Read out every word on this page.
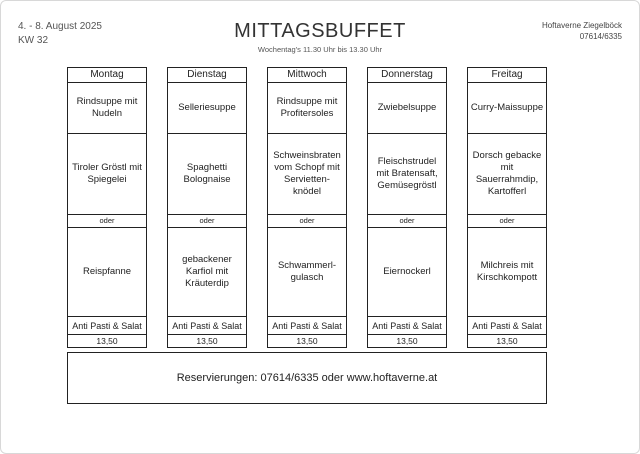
4. - 8. August 2025
KW 32	MITTAGSBUFFET
Wochentag's 11.30 Uhr bis 13.30 Uhr
Hoftaverne Ziegelböck
07614/6335
Montag
Rindsuppe mit
Nudeln
Tiroler Gröstl mit
Spiegelei
oder
Reispfanne
Anti Pasti & Salat
13,50
Dienstag
Selleriesuppe
Spaghetti
Bolognaise
oder
gebackener
Karfiol mit
Kräuterdip
Anti Pasti & Salat
13,50
Mittwoch
Rindsuppe mit
Profitersoles
Schweinsbraten
vom Schopf mit
Servietten-
knödel
oder
Schwammerl-
gulasch
Anti Pasti & Salat
13,50
Donnerstag
Zwiebelsuppe
Fleischstrudel
mit Bratensaft,
Gemüsegröstl
oder
Eiernockerl
Anti Pasti & Salat
13,50
Freitag
Curry-Maissuppe
Dorsch gebacke
mit
Sauerrahmdip,
Kartofferl
oder
Milchreis mit
Kirschkompott
Anti Pasti & Salat
13,50
Reservierungen: 07614/6335 oder www.hoftaverne.at
